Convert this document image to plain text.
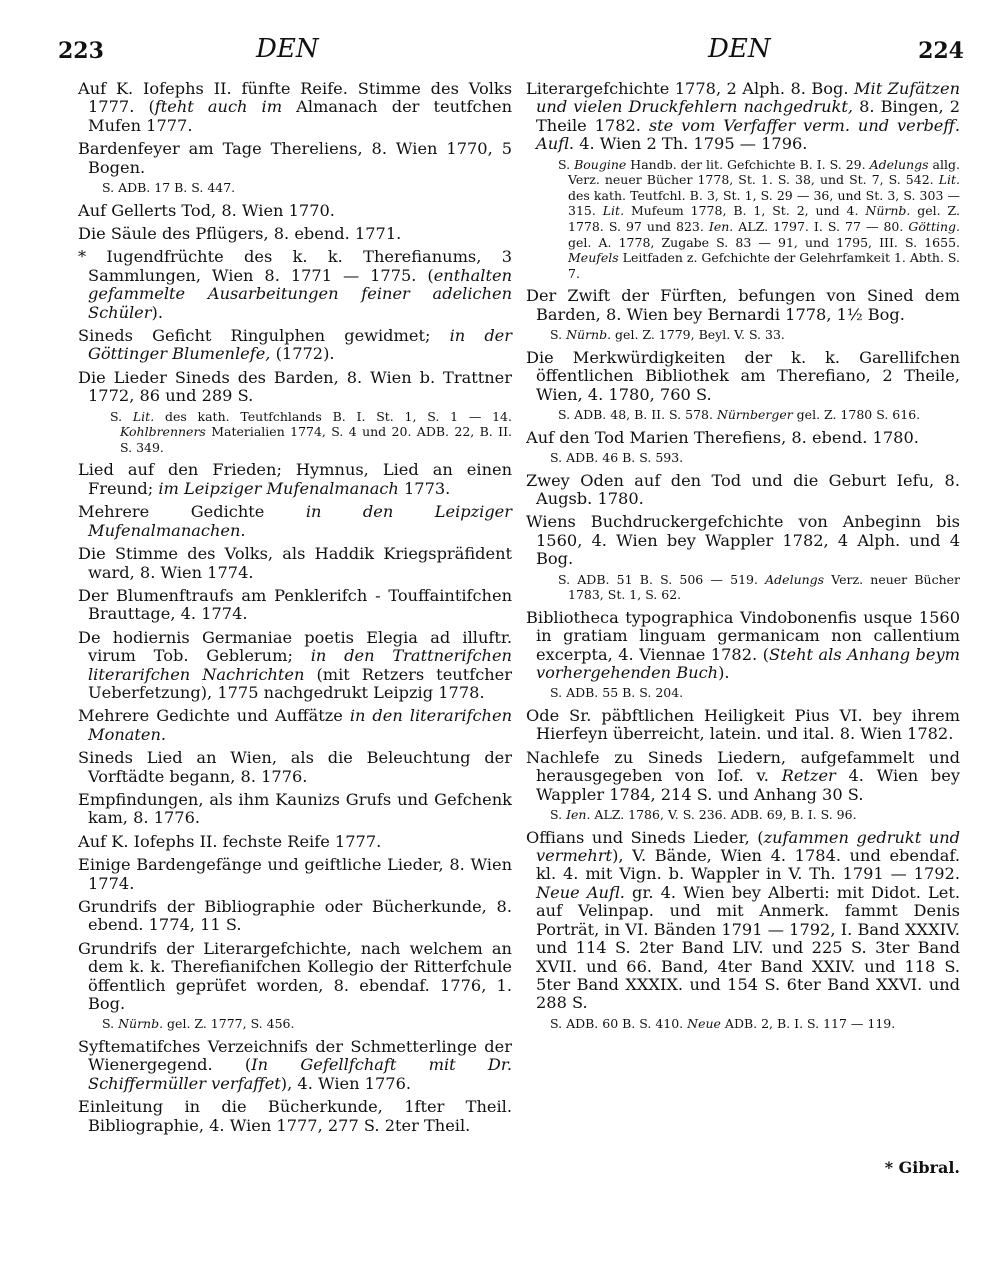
223	DEN	DEN	224

Auf K. Iofephs II. fünfte Reife. Stimme des Volks 1777. (fteht auch im Almanach der teutfchen Mufen 1777.

Bardenfeyer am Tage Thereliens, 8. Wien 1770, 5 Bogen.

S. ADB. 17 B. S. 447.

Auf Gellerts Tod, 8. Wien 1770.

Die Säule des Pflügers, 8. ebend. 1771.

* Iugendfrüchte des k. k. Therefianums, 3 Sammlungen, Wien 8. 1771 — 1775. (enthalten gefammelte Ausarbeitungen feiner adelichen Schüler).

Sineds Geficht Ringulphen gewidmet; in der Göttinger Blumenlefe, (1772).

Die Lieder Sineds des Barden, 8. Wien b. Trattner 1772, 86 und 289 S.

S. Lit. des kath. Teutfchlands B. I. St. 1, S. 1 — 14. Kohlbrenners Materialien 1774, S. 4 und 20. ADB. 22, B. II. S. 349.

Lied auf den Frieden; Hymnus, Lied an einen Freund; im Leipziger Mufenalmanach 1773.

Mehrere Gedichte in den Leipziger Mufenalmanachen.

Die Stimme des Volks, als Haddik Kriegspräfident ward, 8. Wien 1774.

Der Blumenftraufs am Penklerifch - Touffaintifchen Brauttage, 4. 1774.

De hodiernis Germaniae poetis Elegia ad illuftr. virum Tob. Geblerum; in den Trattnerifchen literarifchen Nachrichten (mit Retzers teutfcher Ueberfetzung), 1775 nachgedrukt Leipzig 1778.

Mehrere Gedichte und Auffätze in den literarifchen Monaten.

Sineds Lied an Wien, als die Beleuchtung der Vorftädte begann, 8. 1776.

Empfindungen, als ihm Kaunizs Grufs und Gefchenk kam, 8. 1776.

Auf K. Iofephs II. fechste Reife 1777.

Einige Bardengefänge und geiftliche Lieder, 8. Wien 1774.

Grundrifs der Bibliographie oder Bücherkunde, 8. ebend. 1774, 11 S.

Grundrifs der Literargefchichte, nach welchem an dem k. k. Therefianifchen Kollegio der Ritterfchule öffentlich geprüfet worden, 8. ebendaf. 1776, 1. Bog.

S. Nürnb. gel. Z. 1777, S. 456.

Syftematifches Verzeichnifs der Schmetterlinge der Wienergegend. (In Gefellfchaft mit Dr. Schiffermüller verfaffet), 4. Wien 1776.

Einleitung in die Bücherkunde, 1fter Theil. Bibliographie, 4. Wien 1777, 277 S. 2ter Theil.

Literargefchichte 1778, 2 Alph. 8. Bog. Mit Zufätzen und vielen Druckfehlern nachgedrukt, 8. Bingen, 2 Theile 1782. ste vom Verfaffer verm. und verbeff. Aufl. 4. Wien 2 Th. 1795 — 1796.

S. Bougine Handb. der lit. Gefchichte B. I. S. 29. Adelungs allg. Verz. neuer Bücher 1778, St. 1. S. 38, und St. 7, S. 542. Lit. des kath. Teutfchl. B. 3, St. 1, S. 29 — 36, und St. 3, S. 303 — 315. Lit. Mufeum 1778, B. 1, St. 2, und 4. Nürnb. gel. Z. 1778. S. 97 und 823. Ien. ALZ. 1797. I. S. 77 — 80. Götting. gel. A. 1778, Zugabe S. 83 — 91, und 1795, III. S. 1655. Meufels Leitfaden z. Gefchichte der Gelehrfamkeit 1. Abth. S. 7.

Der Zwift der Fürften, befungen von Sined dem Barden, 8. Wien bey Bernardi 1778, 1½ Bog.

S. Nürnb. gel. Z. 1779, Beyl. V. S. 33.

Die Merkwürdigkeiten der k. k. Garellifchen öffentlichen Bibliothek am Therefiano, 2 Theile, Wien, 4. 1780, 760 S.

S. ADB. 48, B. II. S. 578. Nürnberger gel. Z. 1780 S. 616.

Auf den Tod Marien Therefiens, 8. ebend. 1780.

S. ADB. 46 B. S. 593.

Zwey Oden auf den Tod und die Geburt Iefu, 8. Augsb. 1780.

Wiens Buchdruckergefchichte von Anbeginn bis 1560, 4. Wien bey Wappler 1782, 4 Alph. und 4 Bog.

S. ADB. 51 B. S. 506 — 519. Adelungs Verz. neuer Bücher 1783, St. 1, S. 62.

Bibliotheca typographica Vindobonenfis usque 1560 in gratiam linguam germanicam non callentium excerpta, 4. Viennae 1782. (Steht als Anhang beym vorhergehenden Buch).

S. ADB. 55 B. S. 204.

Ode Sr. päbftlichen Heiligkeit Pius VI. bey ihrem Hierfeyn überreicht, latein. und ital. 8. Wien 1782.

Nachlefe zu Sineds Liedern, aufgefammelt und herausgegeben von Iof. v. Retzer 4. Wien bey Wappler 1784, 214 S. und Anhang 30 S.

S. Ien. ALZ. 1786, V. S. 236. ADB. 69, B. I. S. 96.

Offians und Sineds Lieder, (zufammen gedrukt und vermehrt), V. Bände, Wien 4. 1784. und ebendaf. kl. 4. mit Vign. b. Wappler in V. Th. 1791 — 1792. Neue Aufl. gr. 4. Wien bey Alberti: mit Didot. Let. auf Velinpap. und mit Anmerk. fammt Denis Porträt, in VI. Bänden 1791 — 1792, I. Band XXXIV. und 114 S. 2ter Band LIV. und 225 S. 3ter Band XVII. und 66. Band, 4ter Band XXIV. und 118 S. 5ter Band XXXIX. und 154 S. 6ter Band XXVI. und 288 S.

S. ADB. 60 B. S. 410. Neue ADB. 2, B. I. S. 117 — 119.

* Gibral.
